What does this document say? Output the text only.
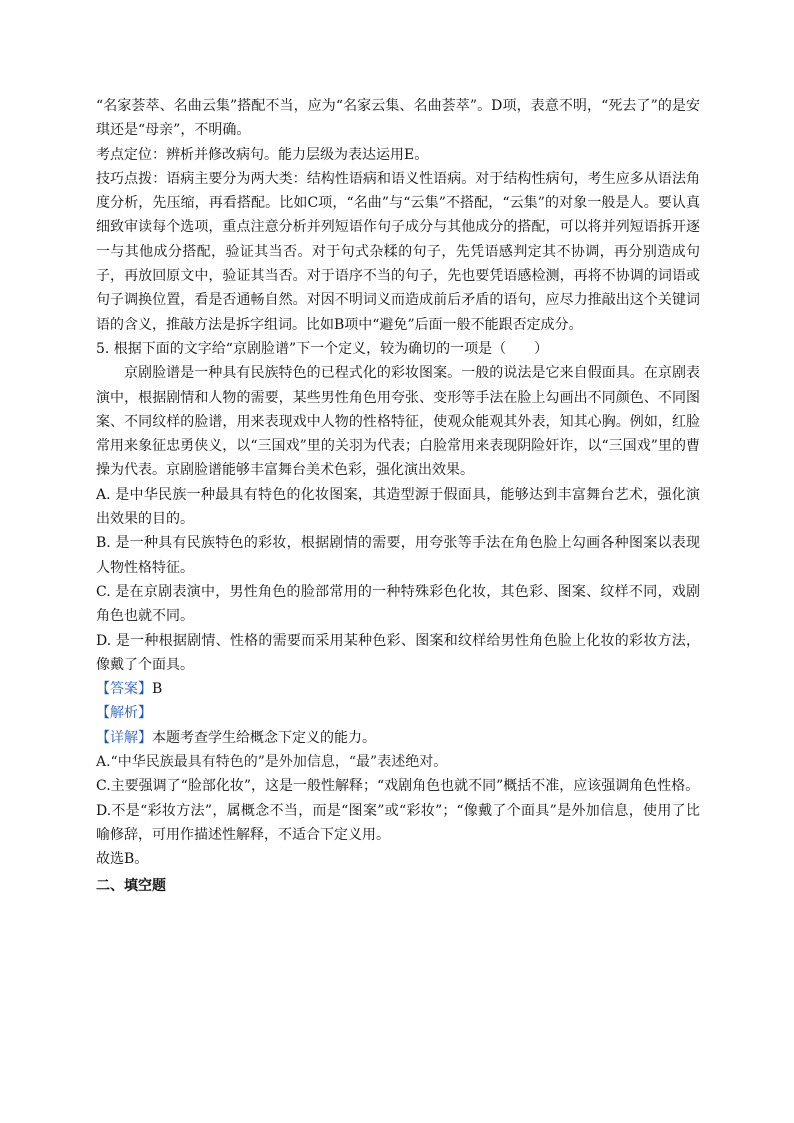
“名家荟萃、名曲云集”搭配不当，应为“名家云集、名曲荟萃”。D项，表意不明，“死去了”的是安琪还是“母亲”，不明确。

考点定位：辨析并修改病句。能力层级为表达运用E。

技巧点拨：语病主要分为两大类：结构性语病和语义性语病。对于结构性病句，考生应多从语法角度分析，先压缩，再看搭配。比如C项，“名曲”与“云集”不搭配，“云集”的对象一般是人。要认真细致审读每个选项，重点注意分析并列短语作句子成分与其他成分的搭配，可以将并列短语拆开逐一与其他成分搭配，验证其当否。对于句式杂糅的句子，先凭语感判定其不协调，再分别造成句子，再放回原文中，验证其当否。对于语序不当的句子，先也要凭语感检测，再将不协调的词语或句子调换位置，看是否通畅自然。对因不明词义而造成前后矛盾的语句，应尽力推敲出这个关键词语的含义，推敲方法是拆字组词。比如B项中“避免”后面一般不能跟否定成分。

5. 根据下面的文字给“京剧脸谱”下一个定义，较为确切的一项是（　　）

京剧脸谱是一种具有民族特色的已程式化的彩妆图案。一般的说法是它来自假面具。在京剧表演中，根据剧情和人物的需要，某些男性角色用夸张、变形等手法在脸上勾画出不同颜色、不同图案、不同纹样的脸谱，用来表现戏中人物的性格特征，使观众能观其外表，知其心胸。例如，红脸常用来象征忠勇侠义，以“三国戏”里的关羽为代表；白脸常用来表现阴险奸诈，以“三国戏”里的曹操为代表。京剧脸谱能够丰富舞台美术色彩，强化演出效果。

A. 是中华民族一种最具有特色的化妆图案，其造型源于假面具，能够达到丰富舞台艺术，强化演出效果的目的。

B. 是一种具有民族特色的彩妆，根据剧情的需要，用夸张等手法在角色脸上勾画各种图案以表现人物性格特征。

C. 是在京剧表演中，男性角色的脸部常用的一种特殊彩色化妆，其色彩、图案、纹样不同，戏剧角色也就不同。

D. 是一种根据剧情、性格的需要而采用某种色彩、图案和纹样给男性角色脸上化妆的彩妆方法，像戴了个面具。

【答案】B

【解析】

【详解】本题考查学生给概念下定义的能力。

A.“中华民族最具有特色的”是外加信息，“最”表述绝对。

C.主要强调了“脸部化妆”，这是一般性解释；“戏剧角色也就不同”概括不准，应该强调角色性格。

D.不是“彩妆方法”，属概念不当，而是“图案”或“彩妆”；“像戴了个面具”是外加信息，使用了比喻修辞，可用作描述性解释，不适合下定义用。

故选B。

二、填空题
